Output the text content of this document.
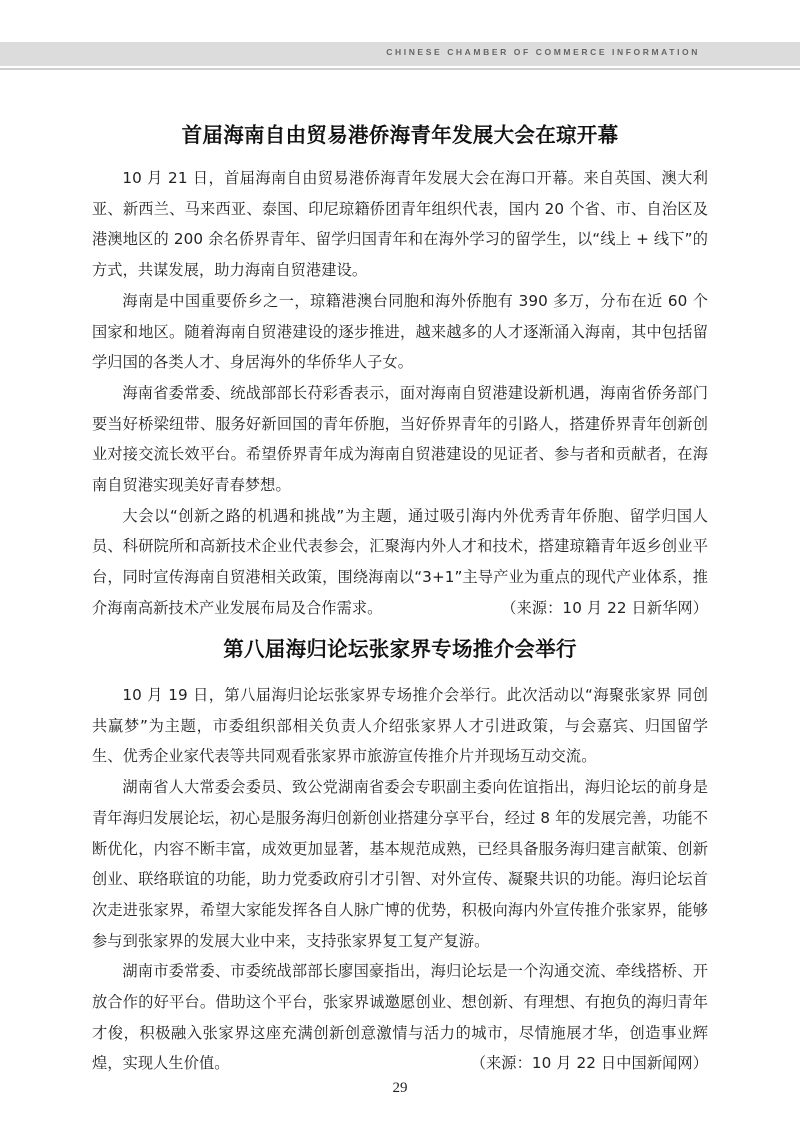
CHINESE CHAMBER OF COMMERCE INFORMATION
首届海南自由贸易港侨海青年发展大会在琼开幕

10 月 21 日，首届海南自由贸易港侨海青年发展大会在海口开幕。来自英国、澳大利亚、新西兰、马来西亚、泰国、印尼琼籍侨团青年组织代表，国内 20 个省、市、自治区及港澳地区的 200 余名侨界青年、留学归国青年和在海外学习的留学生，以“线上 + 线下”的方式，共谋发展，助力海南自贸港建设。

海南是中国重要侨乡之一，琼籍港澳台同胞和海外侨胞有 390 多万，分布在近 60 个国家和地区。随着海南自贸港建设的逐步推进，越来越多的人才逐渐涌入海南，其中包括留学归国的各类人才、身居海外的华侨华人子女。

海南省委常委、统战部部长苻彩香表示，面对海南自贸港建设新机遇，海南省侨务部门要当好桥梁纽带、服务好新回国的青年侨胞，当好侨界青年的引路人，搭建侨界青年创新创业对接交流长效平台。希望侨界青年成为海南自贸港建设的见证者、参与者和贡献者，在海南自贸港实现美好青春梦想。

大会以“创新之路的机遇和挑战”为主题，通过吸引海内外优秀青年侨胞、留学归国人员、科研院所和高新技术企业代表参会，汇聚海内外人才和技术，搭建琼籍青年返乡创业平台，同时宣传海南自贸港相关政策，围绕海南以“3+1”主导产业为重点的现代产业体系，推介海南高新技术产业发展布局及合作需求。	（来源：10 月 22 日新华网）

第八届海归论坛张家界专场推介会举行

10 月 19 日，第八届海归论坛张家界专场推介会举行。此次活动以“海聚张家界 同创共赢梦”为主题，市委组织部相关负责人介绍张家界人才引进政策，与会嘉宾、归国留学生、优秀企业家代表等共同观看张家界市旅游宣传推介片并现场互动交流。

湖南省人大常委会委员、致公党湖南省委会专职副主委向佐谊指出，海归论坛的前身是青年海归发展论坛，初心是服务海归创新创业搭建分享平台，经过 8 年的发展完善，功能不断优化，内容不断丰富，成效更加显著，基本规范成熟，已经具备服务海归建言献策、创新创业、联络联谊的功能，助力党委政府引才引智、对外宣传、凝聚共识的功能。海归论坛首次走进张家界，希望大家能发挥各自人脉广博的优势，积极向海内外宣传推介张家界，能够参与到张家界的发展大业中来，支持张家界复工复产复游。

湖南市委常委、市委统战部部长廖国豪指出，海归论坛是一个沟通交流、牵线搭桥、开放合作的好平台。借助这个平台，张家界诚邀愿创业、想创新、有理想、有抱负的海归青年才俊，积极融入张家界这座充满创新创意激情与活力的城市，尽情施展才华，创造事业辉煌，实现人生价值。	（来源：10 月 22 日中国新闻网）

29
